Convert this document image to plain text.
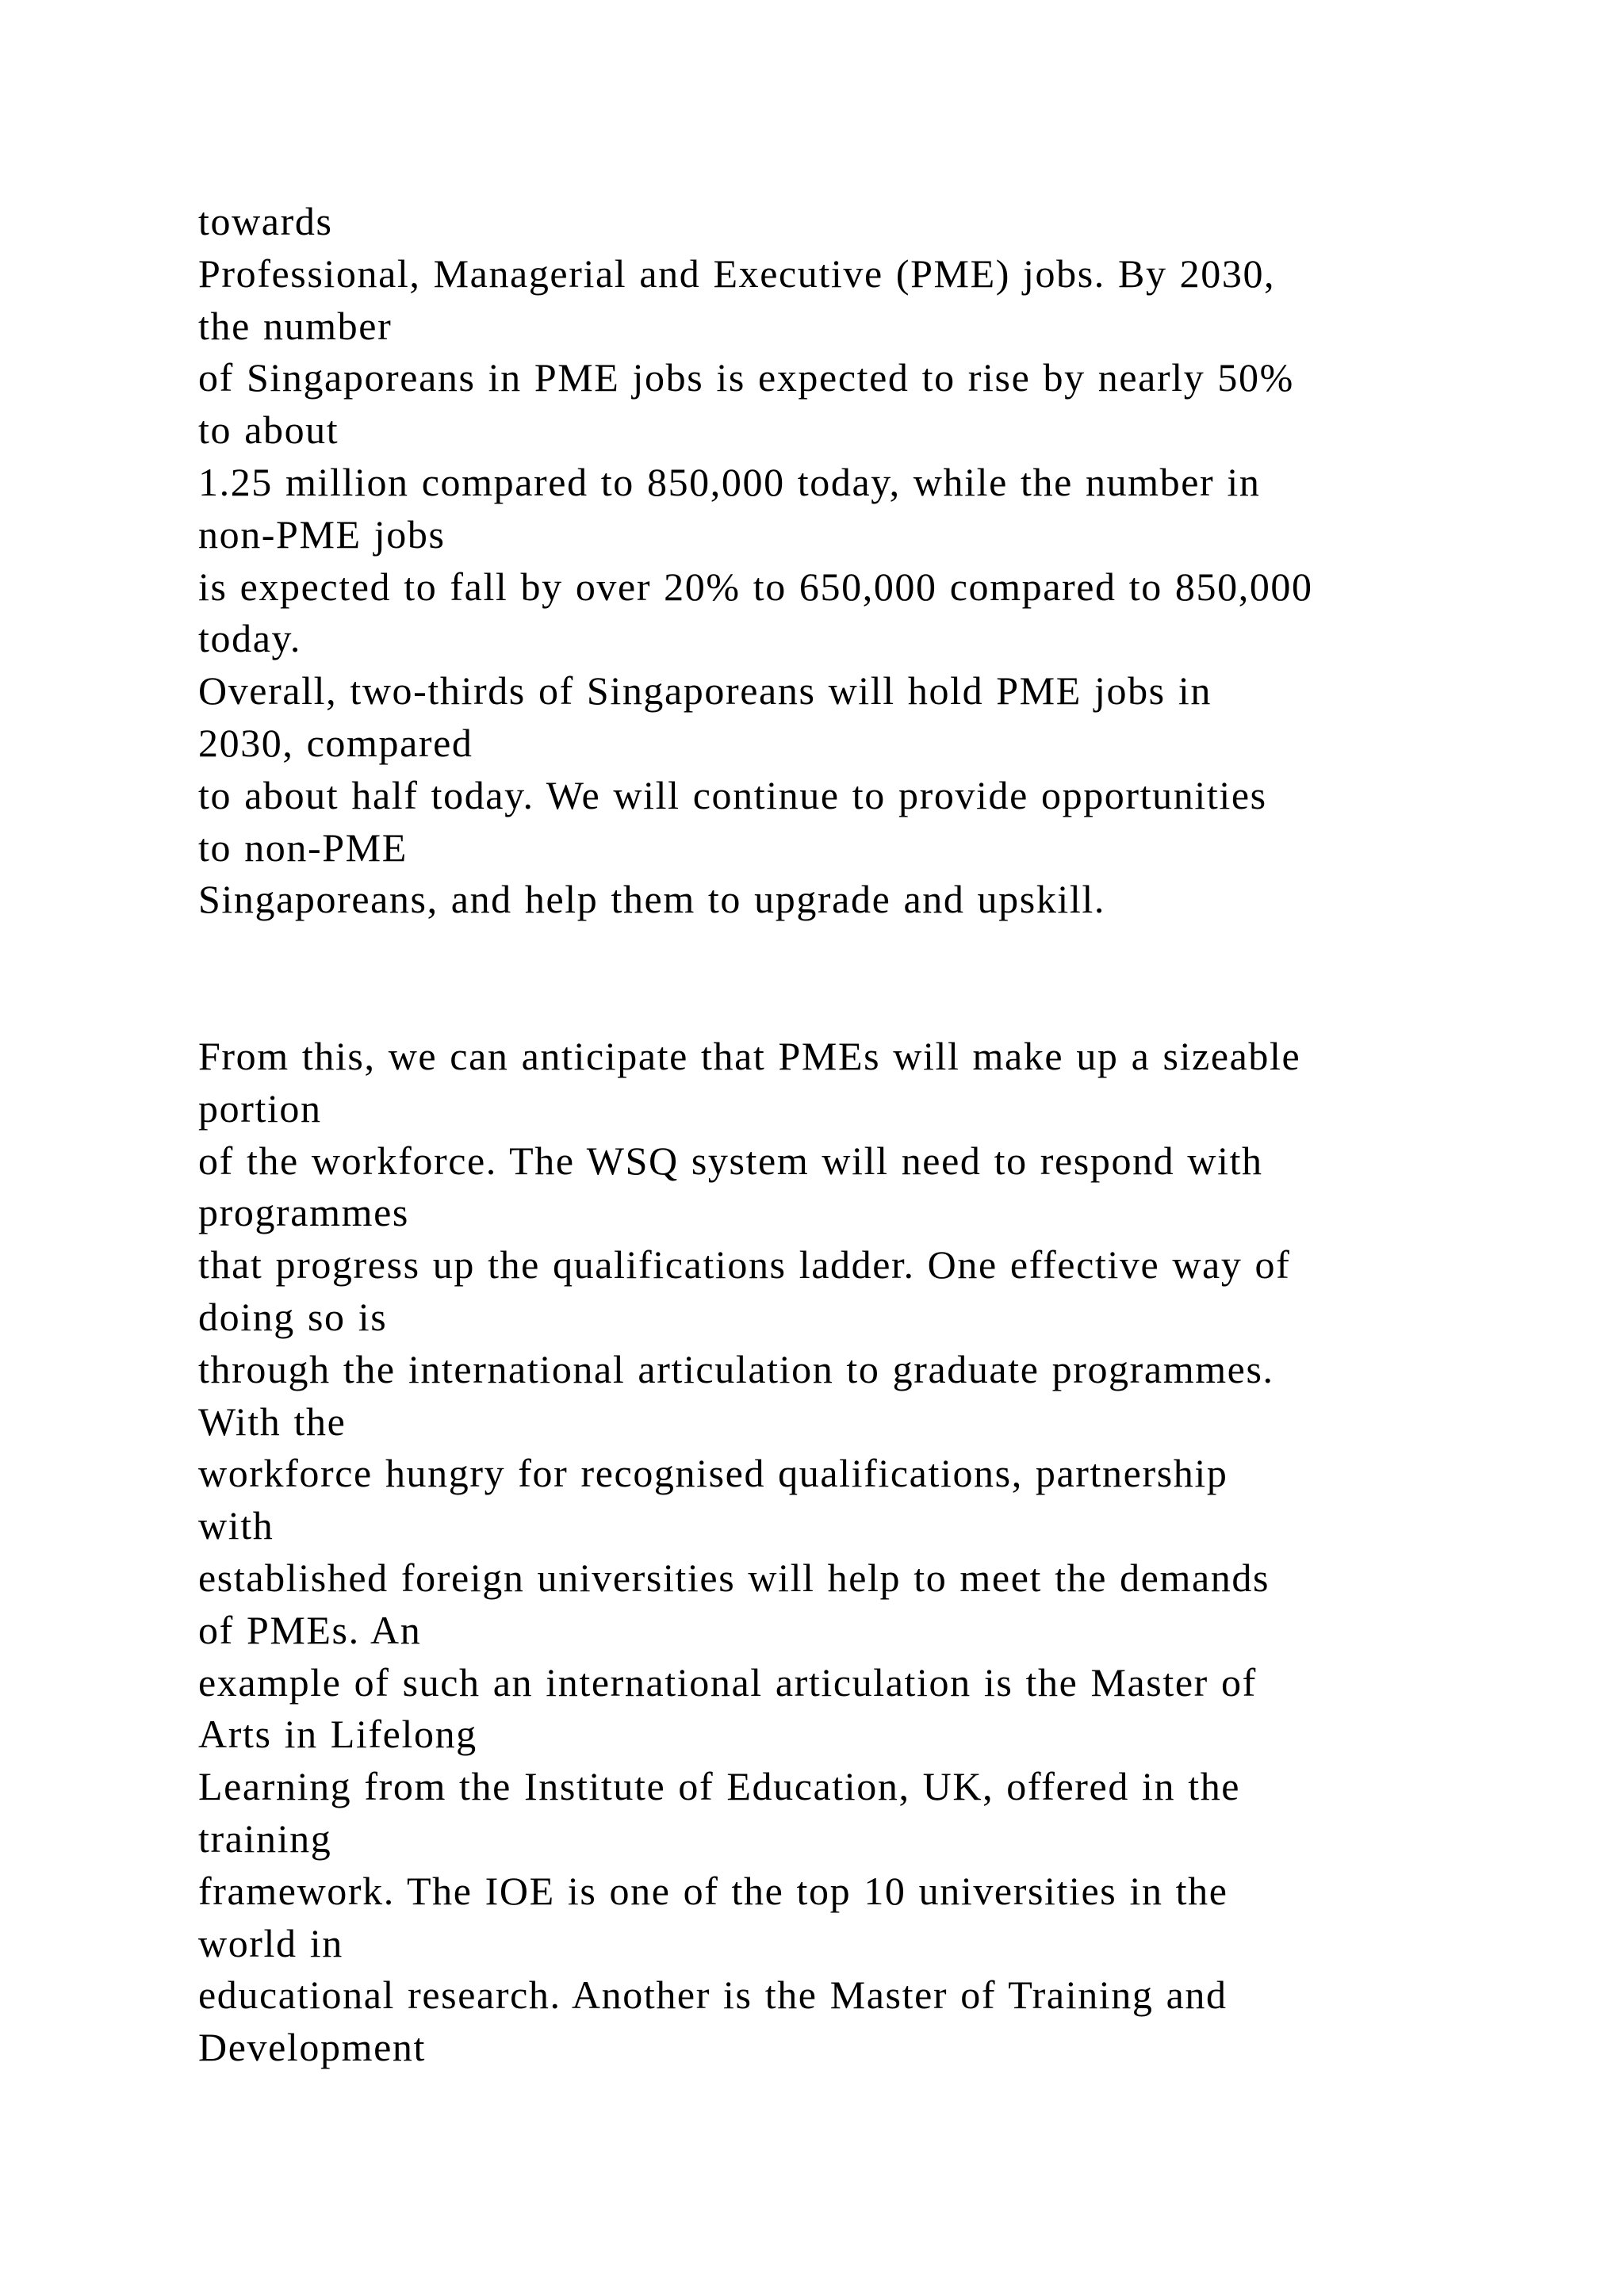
towards
Professional, Managerial and Executive (PME) jobs. By 2030,
the number
of Singaporeans in PME jobs is expected to rise by nearly 50%
to about
1.25 million compared to 850,000 today, while the number in
non-PME jobs
is expected to fall by over 20% to 650,000 compared to 850,000
today.
Overall, two-thirds of Singaporeans will hold PME jobs in
2030, compared
to about half today. We will continue to provide opportunities
to non-PME
Singaporeans, and help them to upgrade and upskill.
From this, we can anticipate that PMEs will make up a sizeable
portion
of the workforce. The WSQ system will need to respond with
programmes
that progress up the qualifications ladder. One effective way of
doing so is
through the international articulation to graduate programmes.
With the
workforce hungry for recognised qualifications, partnership
with
established foreign universities will help to meet the demands
of PMEs. An
example of such an international articulation is the Master of
Arts in Lifelong
Learning from the Institute of Education, UK, offered in the
training
framework. The IOE is one of the top 10 universities in the
world in
educational research. Another is the Master of Training and
Development
